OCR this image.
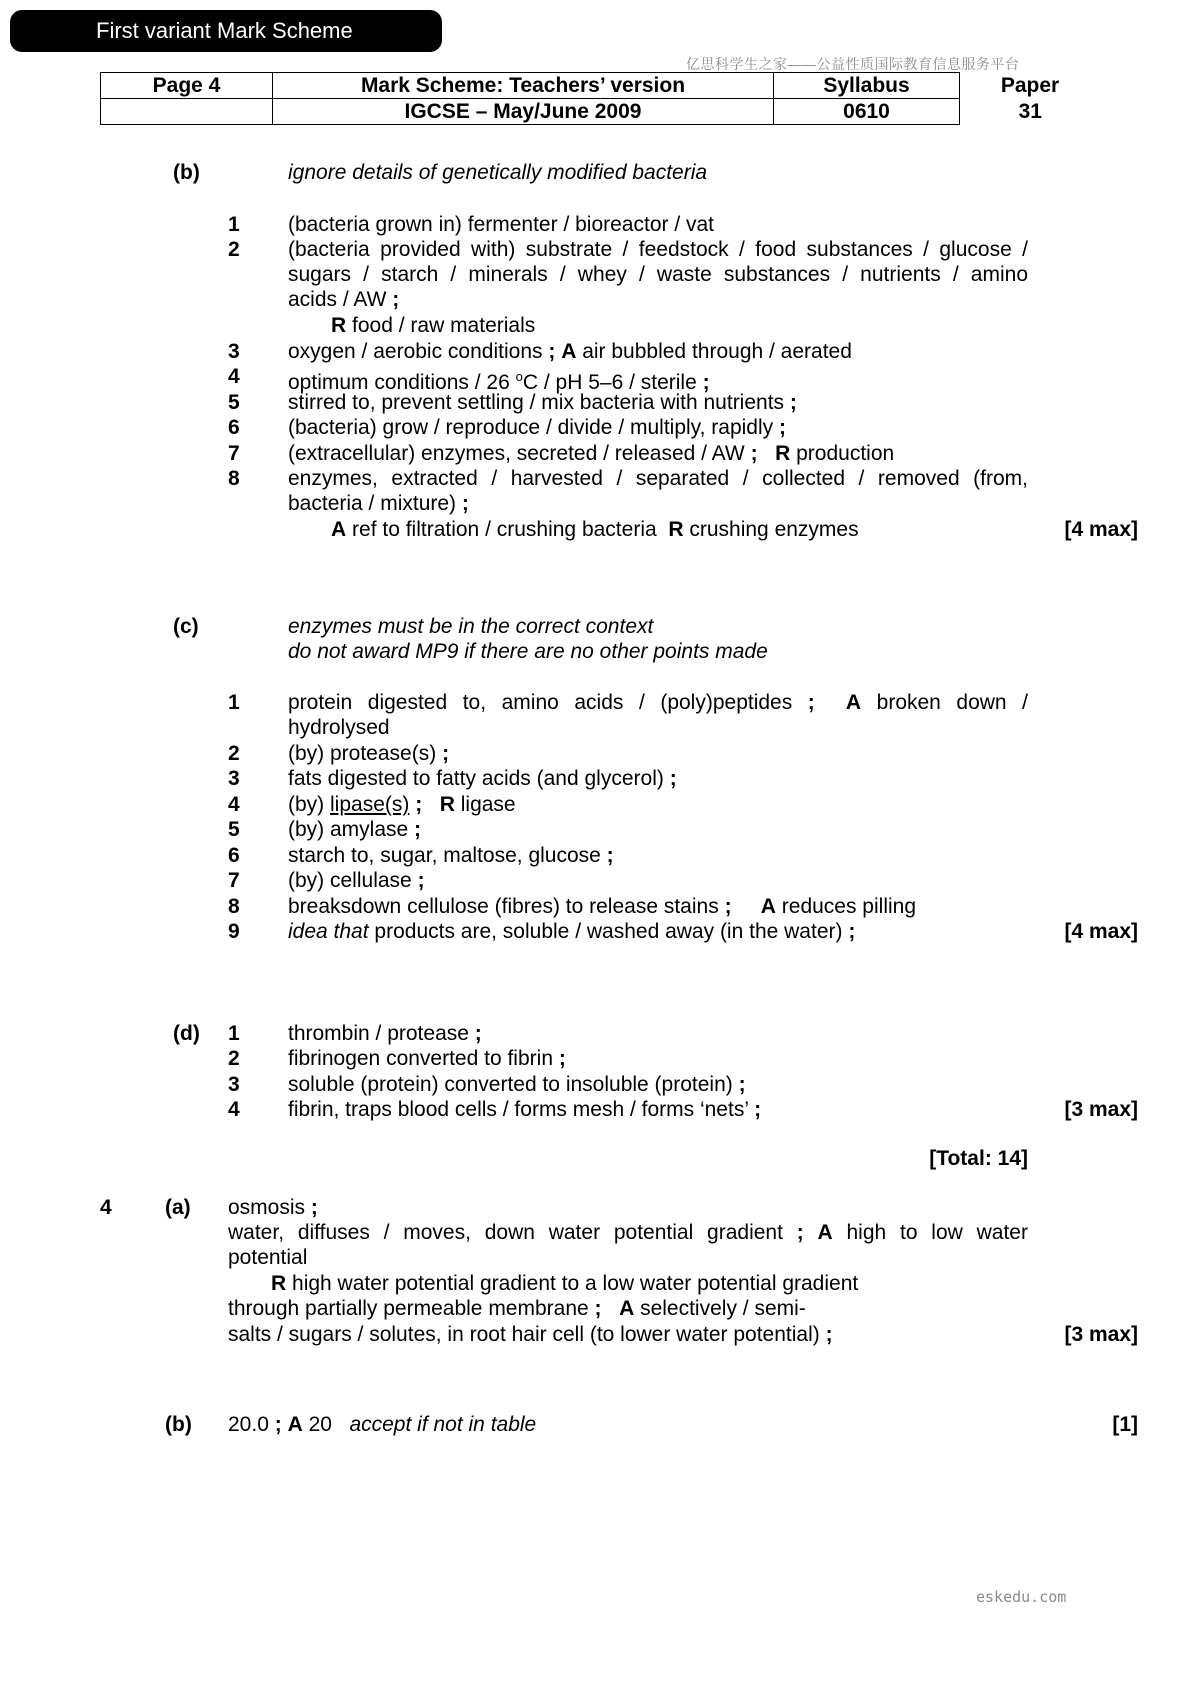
First variant Mark Scheme
亿思科学生之家——公益性质国际教育信息服务平台
Page 4	Mark Scheme: Teachers’ version	Syllabus	Paper
	IGCSE – May/June 2009	0610	31
(b)	ignore details of genetically modified bacteria
1 (bacteria grown in) fermenter / bioreactor / vat
2 (bacteria provided with) substrate / feedstock / food substances / glucose /
sugars / starch / minerals / whey / waste substances / nutrients / amino
acids / AW ;
R food / raw materials
3 oxygen / aerobic conditions ; A air bubbled through / aerated
4 optimum conditions / 26 $^o$C / pH 5–6 / sterile ;
5 stirred to, prevent settling / mix bacteria with nutrients ;
6 (bacteria) grow / reproduce / divide / multiply, rapidly ;
7 (extracellular) enzymes, secreted / released / AW ; R production
8 enzymes, extracted / harvested / separated / collected / removed (from,
bacteria / mixture) ;
A ref to filtration / crushing bacteria R crushing enzymes	[4 max]
(c)	enzymes must be in the correct context
do not award MP9 if there are no other points made
1 protein digested to, amino acids / (poly)peptides ; A broken down /
hydrolysed
2 (by) protease(s) ;
3 fats digested to fatty acids (and glycerol) ;
4 (by) lipase(s) ; R ligase
5 (by) amylase ;
6 starch to, sugar, maltose, glucose ;
7 (by) cellulase ;
8 breaksdown cellulose (fibres) to release stains ; A reduces pilling
9 idea that products are, soluble / washed away (in the water) ;	[4 max]
(d) 1 thrombin / protease ;
2 fibrinogen converted to fibrin ;
3 soluble (protein) converted to insoluble (protein) ;
4 fibrin, traps blood cells / forms mesh / forms ‘nets’ ;	[3 max]
[Total: 14]
4	(a) osmosis ;
water, diffuses / moves, down water potential gradient ; A high to low water
potential
R high water potential gradient to a low water potential gradient
through partially permeable membrane ; A selectively / semi-
salts / sugars / solutes, in root hair cell (to lower water potential) ;	[3 max]
(b) 20.0 ; A 20 accept if not in table	[1]
eskedu.com
